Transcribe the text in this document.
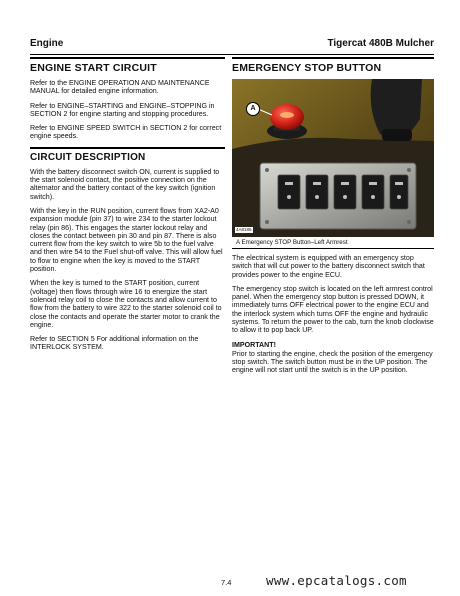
Engine	Tigercat 480B Mulcher
ENGINE START CIRCUIT

Refer to the ENGINE OPERATION AND MAINTENANCE MANUAL for detailed engine information.

Refer to ENGINE–STARTING and ENGINE–STOPPING in SECTION 2 for engine starting and stopping procedures.

Refer to ENGINE SPEED SWITCH in SECTION 2 for correct engine speeds.

CIRCUIT DESCRIPTION

With the battery disconnect switch ON, current is supplied to the start solenoid contact, the positive connection on the alternator and the battery contact of the key switch (ignition switch).

With the key in the RUN position, current flows from XA2-A0 expansion module (pin 37) to wire 234 to the starter lockout relay (pin 86). This engages the starter lockout relay and closes the contact between pin 30 and pin 87. There is also current flow from the key switch to wire 5b to the fuel valve and then wire 54 to the Fuel shut-off valve. This will allow fuel to flow to engine when the key is moved to the START position.

When the key is turned to the START position, current (voltage) then flows through wire 16 to energize the start solenoid relay coil to close the contacts and allow current to flow from the battery to wire 322 to the starter solenoid coil to close the contacts and operate the starter motor to crank the engine.

Refer to SECTION 5 For additional information on the INTERLOCK SYSTEM.

EMERGENCY STOP BUTTON
A
4A8186
A Emergency STOP Button–Left Armrest

The electrical system is equipped with an emergency stop switch that will cut power to the battery disconnect switch that provides power to the engine ECU.

The emergency stop switch is located on the left armrest control panel. When the emergency stop button is pressed DOWN, it immediately turns OFF electrical power to the engine ECU and the interlock system which turns OFF the engine and hydraulic systems. To return the power to the cab, turn the knob clockwise to allow it to pop back UP.

IMPORTANT!

Prior to starting the engine, check the position of the emergency stop switch. The switch button must be in the UP position. The engine will not start until the switch is in the UP position.

7.4	www.epcatalogs.com
